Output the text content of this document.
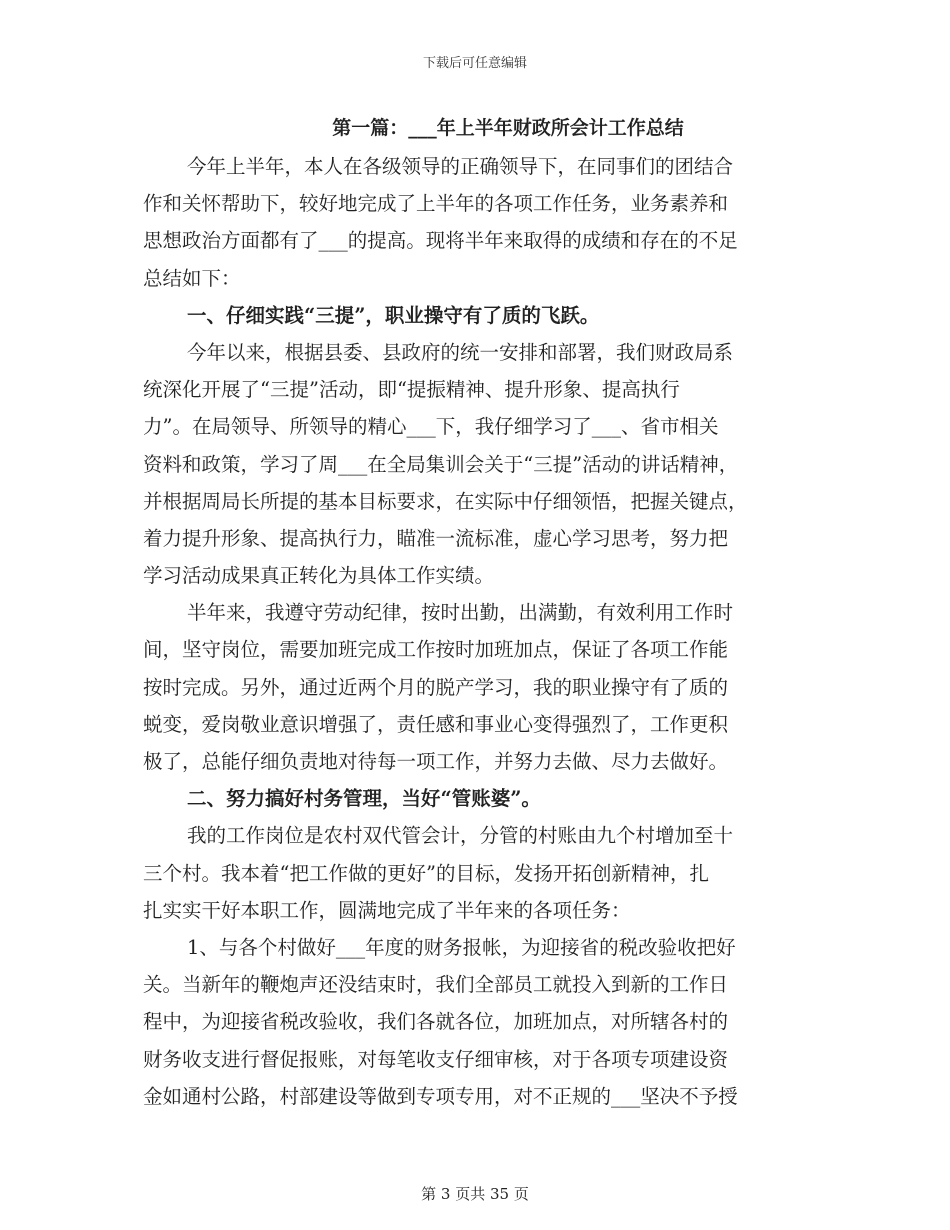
下载后可任意编辑
第一篇：___年上半年财政所会计工作总结
今年上半年，本人在各级领导的正确领导下，在同事们的团结合
作和关怀帮助下，较好地完成了上半年的各项工作任务，业务素养和
思想政治方面都有了___的提高。现将半年来取得的成绩和存在的不足
总结如下：
一、仔细实践“三提”，职业操守有了质的飞跃。
今年以来，根据县委、县政府的统一安排和部署，我们财政局系
统深化开展了“三提”活动，即“提振精神、提升形象、提高执行
力”。在局领导、所领导的精心___下，我仔细学习了___、省市相关
资料和政策，学习了周___在全局集训会关于“三提”活动的讲话精神，
并根据周局长所提的基本目标要求，在实际中仔细领悟，把握关键点，
着力提升形象、提高执行力，瞄准一流标准，虚心学习思考，努力把
学习活动成果真正转化为具体工作实绩。
半年来，我遵守劳动纪律，按时出勤，出满勤，有效利用工作时
间，坚守岗位，需要加班完成工作按时加班加点，保证了各项工作能
按时完成。另外，通过近两个月的脱产学习，我的职业操守有了质的
蜕变，爱岗敬业意识增强了，责任感和事业心变得强烈了，工作更积
极了，总能仔细负责地对待每一项工作，并努力去做、尽力去做好。
二、努力搞好村务管理，当好“管账婆”。
我的工作岗位是农村双代管会计，分管的村账由九个村增加至十
三个村。我本着“把工作做的更好”的目标，发扬开拓创新精神，扎
扎实实干好本职工作，圆满地完成了半年来的各项任务：
1、与各个村做好___年度的财务报帐，为迎接省的税改验收把好
关。当新年的鞭炮声还没结束时，我们全部员工就投入到新的工作日
程中，为迎接省税改验收，我们各就各位，加班加点，对所辖各村的
财务收支进行督促报账，对每笔收支仔细审核，对于各项专项建设资
金如通村公路，村部建设等做到专项专用，对不正规的___坚决不予授
第 3 页共 35 页
